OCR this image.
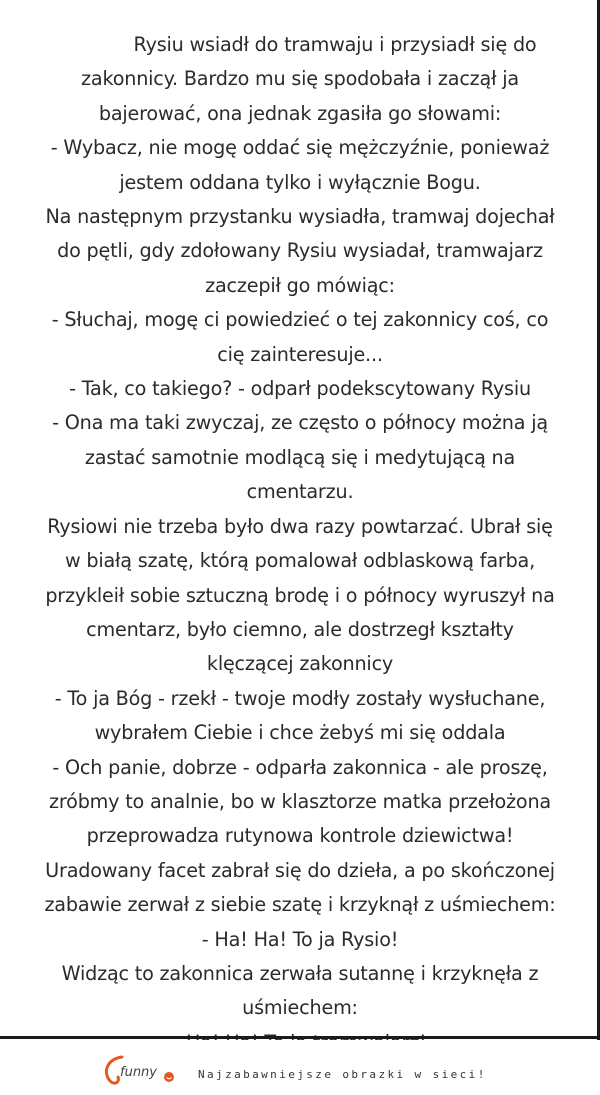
Rysiu wsiadł do tramwaju i przysiadł się do
zakonnicy. Bardzo mu się spodobała i zaczął ja
bajerować, ona jednak zgasiła go słowami:
- Wybacz, nie mogę oddać się mężczyźnie, ponieważ
jestem oddana tylko i wyłącznie Bogu.
Na następnym przystanku wysiadła, tramwaj dojechał
do pętli, gdy zdołowany Rysiu wysiadał, tramwajarz
zaczepił go mówiąc:
- Słuchaj, mogę ci powiedzieć o tej zakonnicy coś, co
cię zainteresuje...
- Tak, co takiego? - odparł podekscytowany Rysiu
- Ona ma taki zwyczaj, ze często o północy można ją
zastać samotnie modlącą się i medytującą na
cmentarzu.
Rysiowi nie trzeba było dwa razy powtarzać. Ubrał się
w białą szatę, którą pomalował odblaskową farba,
przykleił sobie sztuczną brodę i o północy wyruszył na
cmentarz, było ciemno, ale dostrzegł kształty
klęczącej zakonnicy
- To ja Bóg - rzekł - twoje modły zostały wysłuchane,
wybrałem Ciebie i chce żebyś mi się oddala
- Och panie, dobrze - odparła zakonnica - ale proszę,
zróbmy to analnie, bo w klasztorze matka przełożona
przeprowadza rutynowa kontrole dziewictwa!
Uradowany facet zabrał się do dzieła, a po skończonej
zabawie zerwał z siebie szatę i krzyknął z uśmiechem:
- Ha! Ha! To ja Rysio!
Widząc to zakonnica zerwała sutannę i krzyknęła z
uśmiechem:

funny	Najzabawniejsze obrazki w sieci!
